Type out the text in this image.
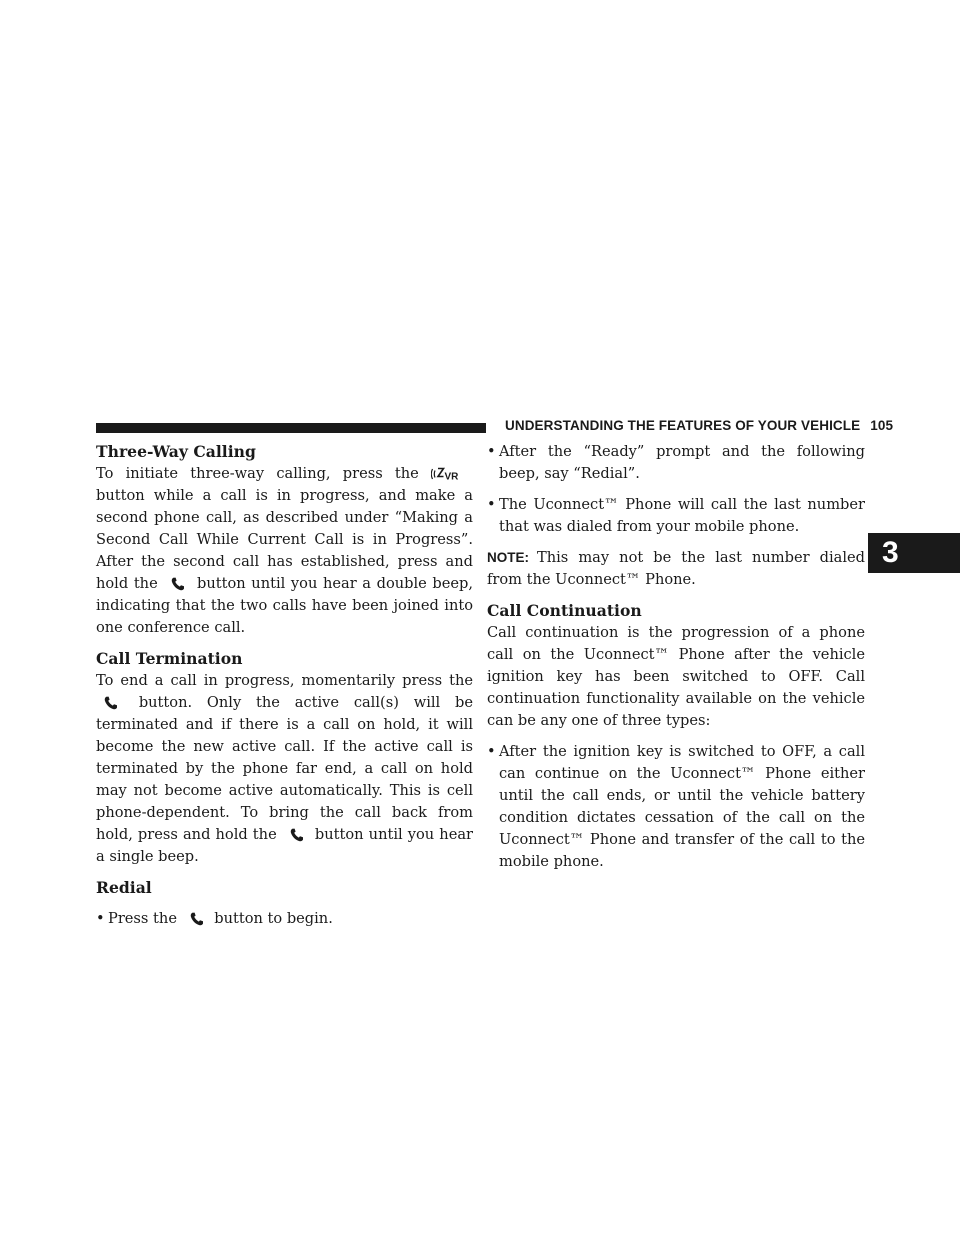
UNDERSTANDING THE FEATURES OF YOUR VEHICLE 105
3
Three-Way Calling

To initiate three-way calling, press the	VR
button while a call is in progress, and make a second phone call, as described under “Making a Second Call While Current Call is in Progress”. After the second call has established, press and hold the	button until you hear a double beep, indicating that the two calls have been joined into one conference call.

Call Termination

To end a call in progress, momentarily press the  button. Only the active call(s) will be terminated and if there is a call on hold, it will become the new active call. If the active call is terminated by the phone far end, a call on hold may not become active automatically. This is cell phone-dependent. To bring the call back from hold, press and hold the	button until you hear a single beep.

Redial
• Press the	button to begin.
• After the “Ready” prompt and the following beep, say “Redial”.
• The Uconnect™ Phone will call the last number that was dialed from your mobile phone.

NOTE: This may not be the last number dialed from the Uconnect™ Phone.

Call Continuation

Call continuation is the progression of a phone call on the Uconnect™ Phone after the vehicle ignition key has been switched to OFF. Call continuation functionality available on the vehicle can be any one of three types:

• After the ignition key is switched to OFF, a call can continue on the Uconnect™ Phone either until the call ends, or until the vehicle battery condition dictates cessation of the call on the Uconnect™ Phone and transfer of the call to the mobile phone.
